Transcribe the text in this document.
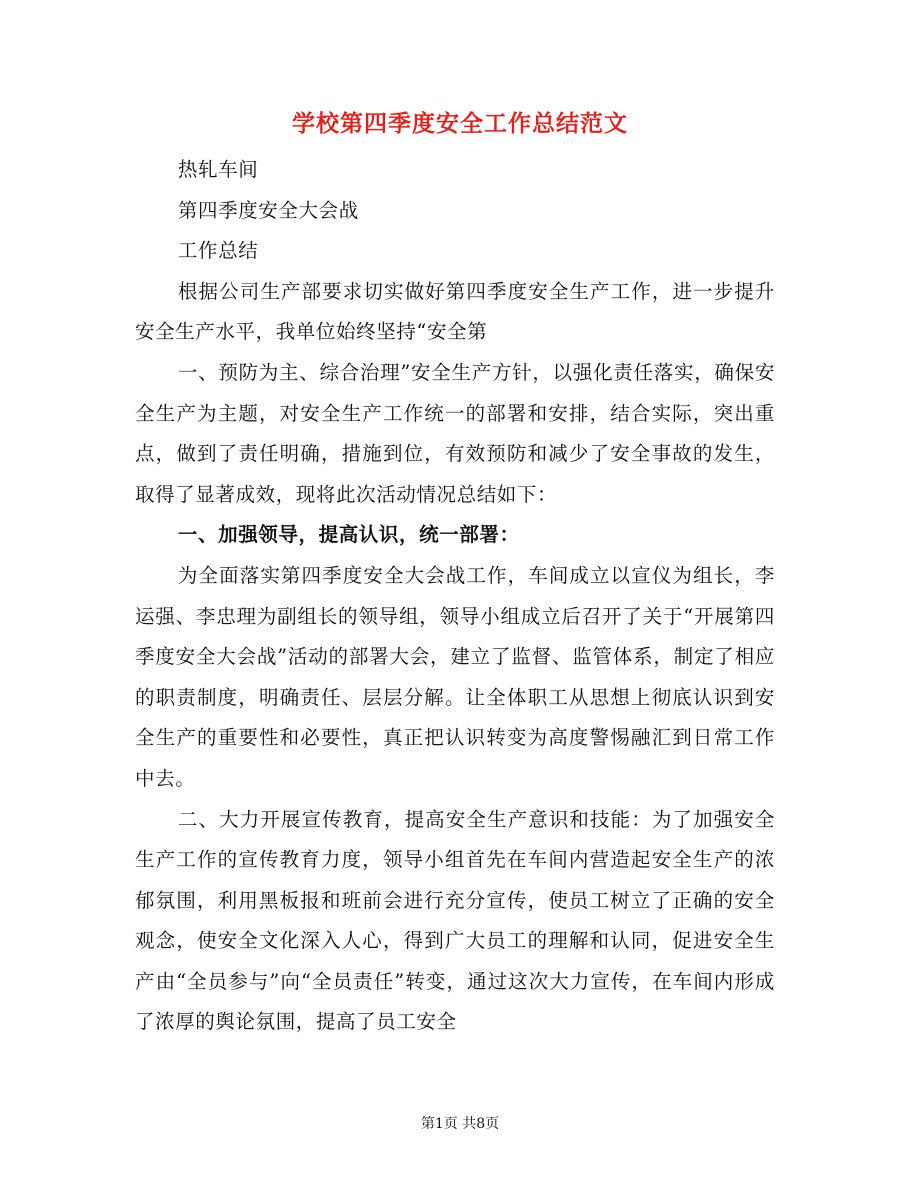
学校第四季度安全工作总结范文

热轧车间

第四季度安全大会战

工作总结

根据公司生产部要求切实做好第四季度安全生产工作，进一步提升安全生产水平，我单位始终坚持“安全第

一、预防为主、综合治理”安全生产方针，以强化责任落实，确保安全生产为主题，对安全生产工作统一的部署和安排，结合实际，突出重点，做到了责任明确，措施到位，有效预防和减少了安全事故的发生，取得了显著成效，现将此次活动情况总结如下：

一、加强领导，提高认识，统一部署：

为全面落实第四季度安全大会战工作，车间成立以宣仪为组长，李运强、李忠理为副组长的领导组，领导小组成立后召开了关于“开展第四季度安全大会战”活动的部署大会，建立了监督、监管体系，制定了相应的职责制度，明确责任、层层分解。让全体职工从思想上彻底认识到安全生产的重要性和必要性，真正把认识转变为高度警惕融汇到日常工作中去。

二、大力开展宣传教育，提高安全生产意识和技能：为了加强安全生产工作的宣传教育力度，领导小组首先在车间内营造起安全生产的浓郁氛围，利用黑板报和班前会进行充分宣传，使员工树立了正确的安全观念，使安全文化深入人心，得到广大员工的理解和认同，促进安全生产由“全员参与”向“全员责任”转变，通过这次大力宣传，在车间内形成了浓厚的舆论氛围，提高了员工安全

第1页 共8页
